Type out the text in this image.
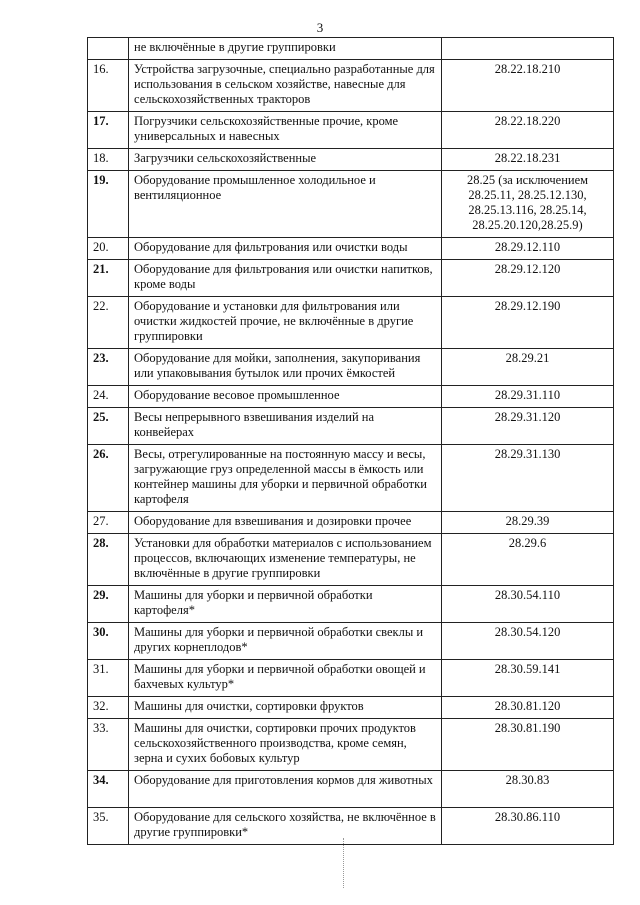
3
	не включённые в другие группировки	
16.	Устройства загрузочные, специально разработанные для использования в сельском хозяйстве, навесные для сельскохозяйственных тракторов	28.22.18.210
17.	Погрузчики сельскохозяйственные прочие, кроме универсальных и навесных	28.22.18.220
18.	Загрузчики сельскохозяйственные	28.22.18.231
19.	Оборудование промышленное холодильное и вентиляционное	28.25 (за исключением 28.25.11, 28.25.12.130, 28.25.13.116, 28.25.14, 28.25.20.120,28.25.9)
20.	Оборудование для фильтрования или очистки воды	28.29.12.110
21.	Оборудование для фильтрования или очистки напитков, кроме воды	28.29.12.120
22.	Оборудование и установки для фильтрования или очистки жидкостей прочие, не включённые в другие группировки	28.29.12.190
23.	Оборудование для мойки, заполнения, закупоривания или упаковывания бутылок или прочих ёмкостей	28.29.21
24.	Оборудование весовое промышленное	28.29.31.110
25.	Весы непрерывного взвешивания изделий на конвейерах	28.29.31.120
26.	Весы, отрегулированные на постоянную массу и весы, загружающие груз определенной массы в ёмкость или контейнер машины для уборки и первичной обработки картофеля	28.29.31.130
27.	Оборудование для взвешивания и дозировки прочее	28.29.39
28.	Установки для обработки материалов с использованием процессов, включающих изменение температуры, не включённые в другие группировки	28.29.6
29.	Машины для уборки и первичной обработки картофеля*	28.30.54.110
30.	Машины для уборки и первичной обработки свеклы и других корнеплодов*	28.30.54.120
31.	Машины для уборки и первичной обработки овощей и бахчевых культур*	28.30.59.141
32.	Машины для очистки, сортировки фруктов	28.30.81.120
33.	Машины для очистки, сортировки прочих продуктов сельскохозяйственного производства, кроме семян, зерна и сухих бобовых культур	28.30.81.190
34.	Оборудование для приготовления кормов для животных	28.30.83
35.	Оборудование для сельского хозяйства, не включённое в другие группировки*	28.30.86.110
